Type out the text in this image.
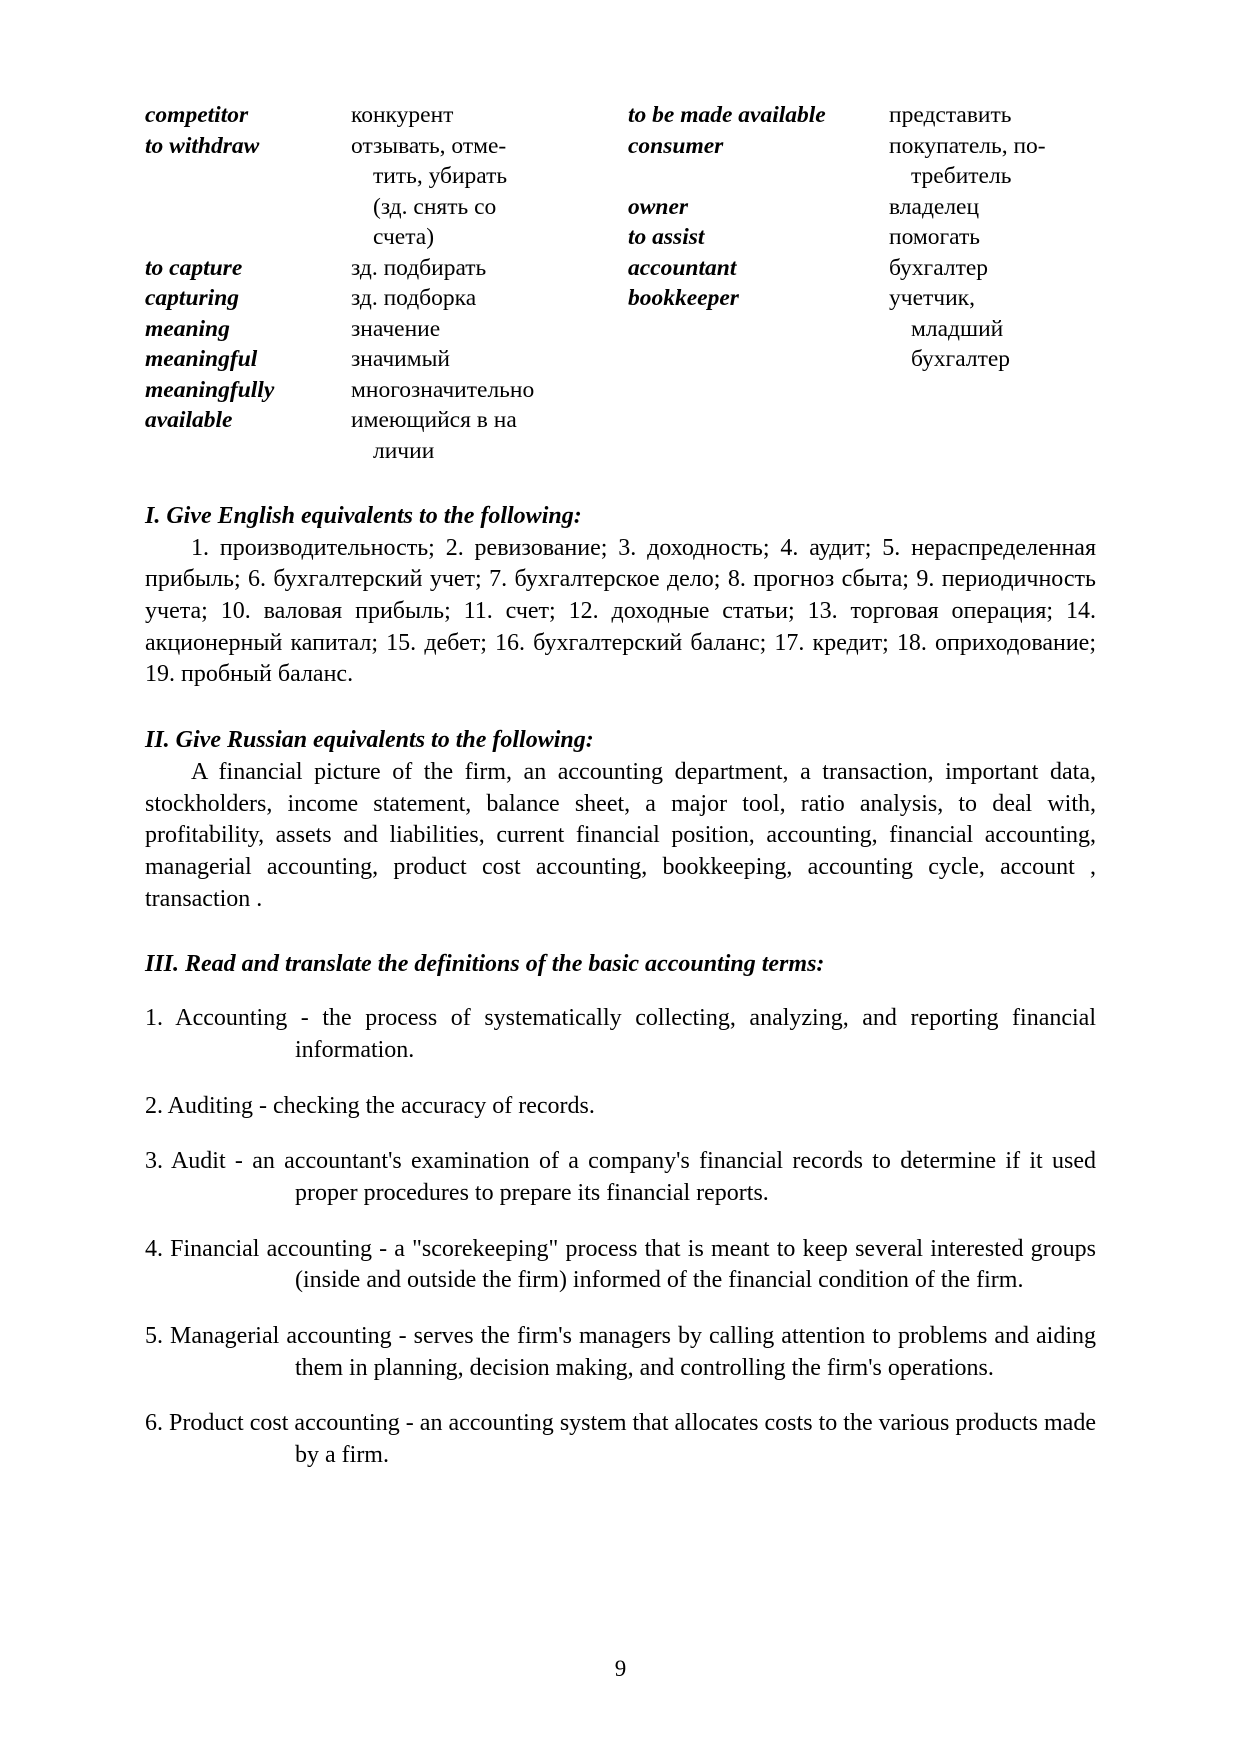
competitor	конкурент	to be made available	представить
to withdraw	отзывать, отме-	consumer	покупатель, по-
	тить, убирать		требитель
	(зд. снять со	owner	владелец
	счета)	to assist	помогать
to capture	зд. подбирать	accountant	бухгалтер
capturing	зд. подборка	bookkeeper	учетчик,
meaning	значение		младший
meaningful	значимый		бухгалтер
meaningfully	многозначительно		
available	имеющийся в на		
	личии		
I. Give English equivalents to the following:

1. производительность; 2. ревизование; 3. доходность; 4. аудит; 5. нераспределенная прибыль; 6. бухгалтерский учет; 7. бухгалтерское дело; 8. прогноз сбыта; 9. периодичность учета; 10. валовая прибыль; 11. счет; 12. доходные статьи; 13. торговая операция; 14. акционерный капитал; 15. дебет; 16. бухгалтерский баланс; 17. кредит; 18. оприходование; 19. пробный баланс.

II. Give Russian equivalents to the following:

A financial picture of the firm, an accounting department, a transaction, important data, stockholders, income statement, balance sheet, a major tool, ratio analysis, to deal with, profitability, assets and liabilities, current financial position, accounting, financial accounting, managerial accounting, product cost accounting, bookkeeping, accounting cycle, account , transaction .

III. Read and translate the definitions of the basic accounting terms:

1. Accounting - the process of systematically collecting, analyzing, and reporting financial information.

2. Auditing - checking the accuracy of records.

3. Audit - an accountant's examination of a company's financial records to determine if it used proper procedures to prepare its financial reports.

4. Financial accounting - a "scorekeeping" process that is meant to keep several interested groups (inside and outside the firm) informed of the financial condition of the firm.

5. Managerial accounting - serves the firm's managers by calling attention to problems and aiding them in planning, decision making, and controlling the firm's operations.

6. Product cost accounting - an accounting system that allocates costs to the various products made by a firm.

9
